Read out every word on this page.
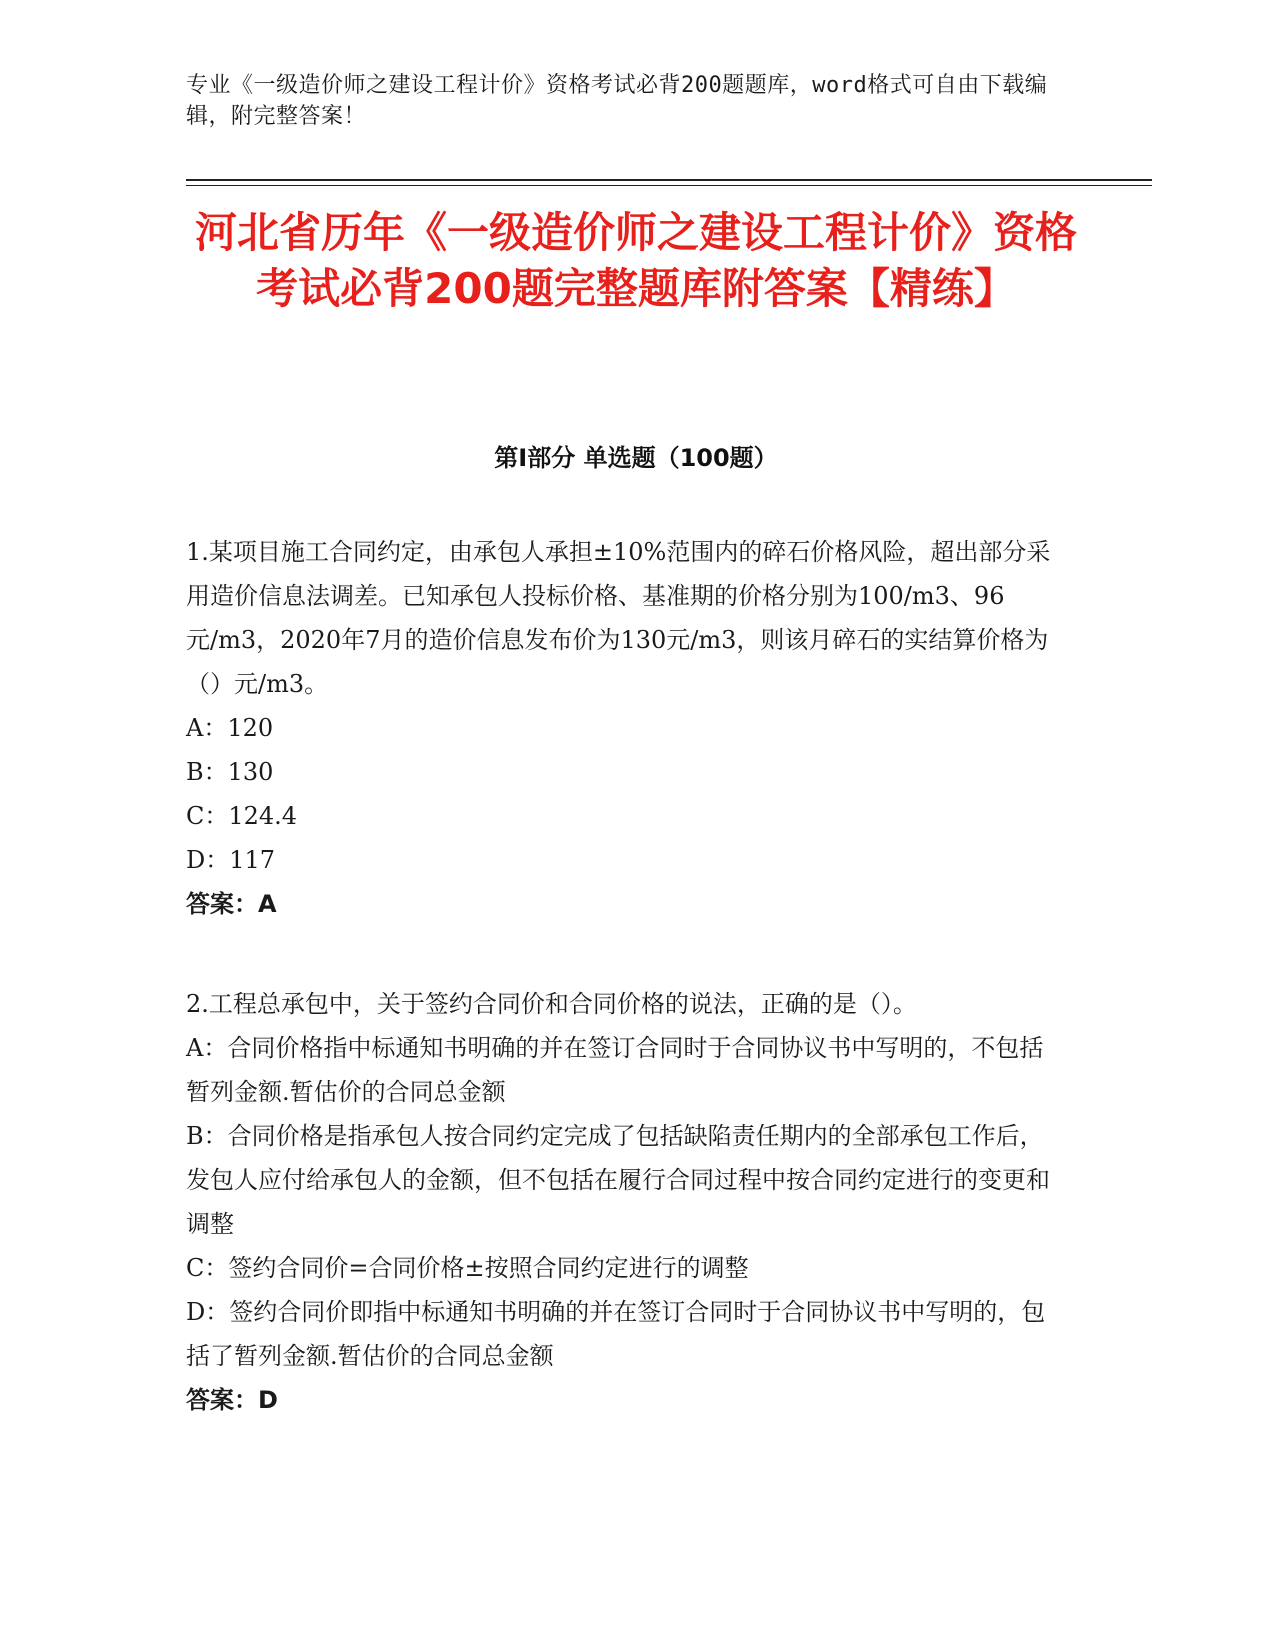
专业《一级造价师之建设工程计价》资格考试必背200题题库，word格式可自由下载编辑，附完整答案！
河北省历年《一级造价师之建设工程计价》资格考试必背200题完整题库附答案【精练】
第I部分 单选题（100题）

1.某项目施工合同约定，由承包人承担±10%范围内的碎石价格风险，超出部分采用造价信息法调差。已知承包人投标价格、基准期的价格分别为100/m3、96元/m3，2020年7月的造价信息发布价为130元/m3，则该月碎石的实结算价格为（）元/m3。

A：120

B：130

C：124.4

D：117

答案：A

2.工程总承包中，关于签约合同价和合同价格的说法，正确的是（）。

A：合同价格指中标通知书明确的并在签订合同时于合同协议书中写明的，不包括暂列金额.暂估价的合同总金额

B：合同价格是指承包人按合同约定完成了包括缺陷责任期内的全部承包工作后，发包人应付给承包人的金额，但不包括在履行合同过程中按合同约定进行的变更和调整

C：签约合同价=合同价格±按照合同约定进行的调整

D：签约合同价即指中标通知书明确的并在签订合同时于合同协议书中写明的，包括了暂列金额.暂估价的合同总金额

答案：D
